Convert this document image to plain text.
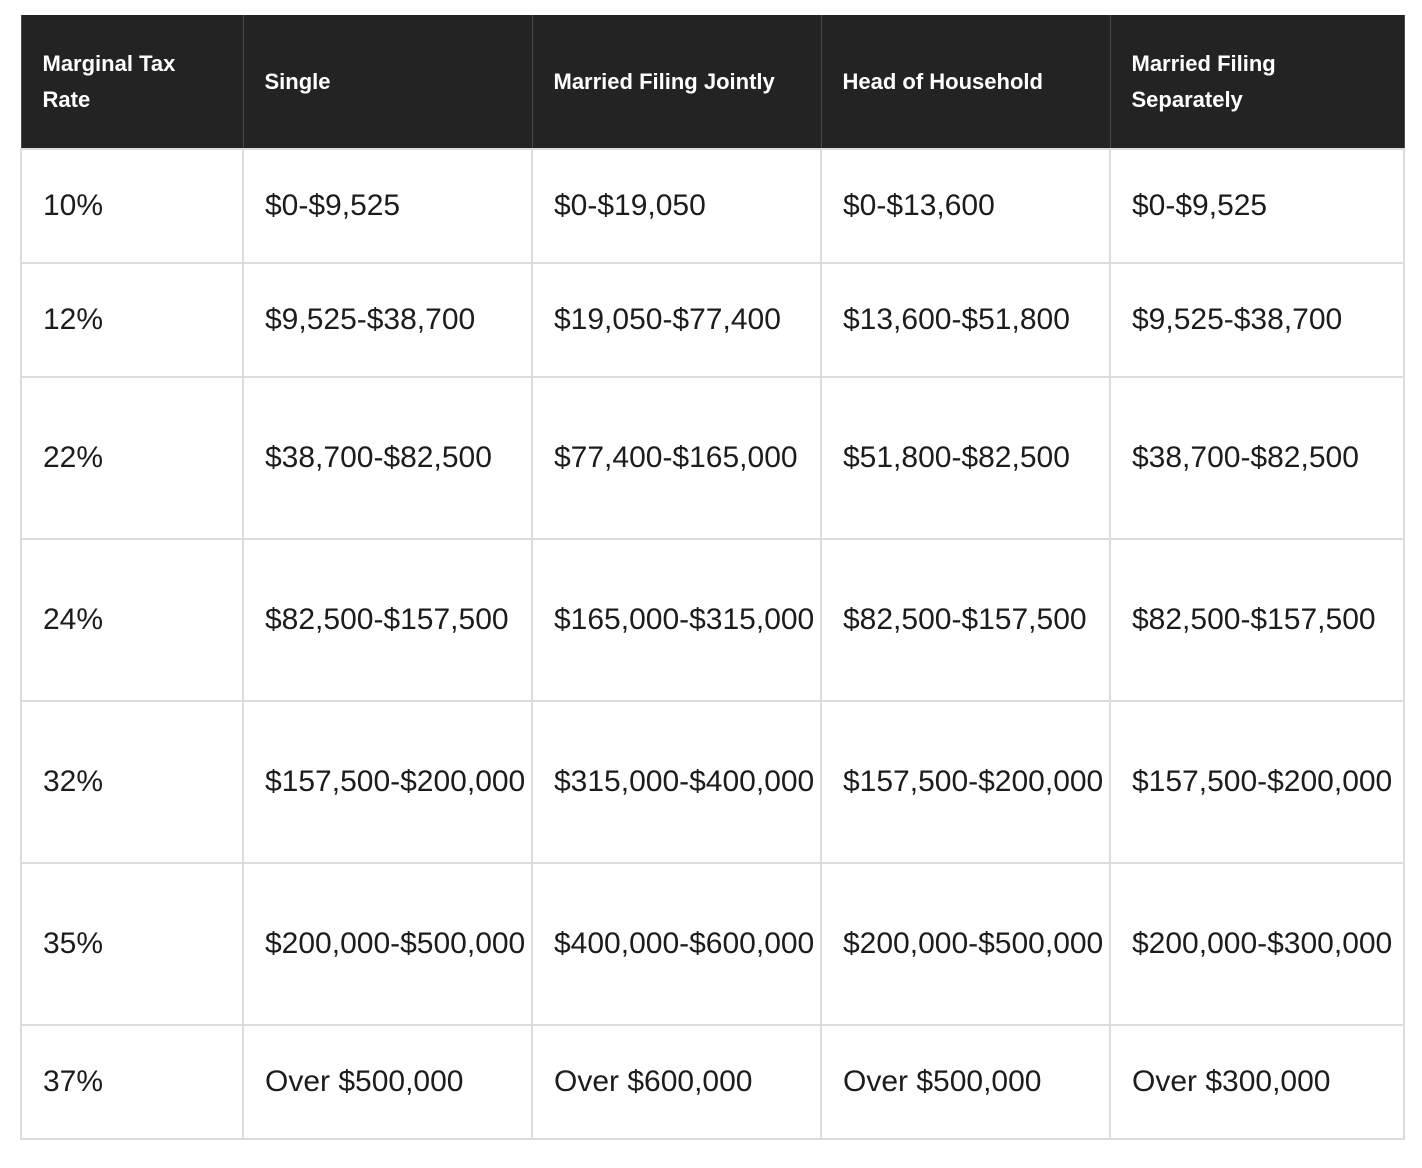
Marginal Tax Rate	Single	Married Filing Jointly	Head of Household	Married Filing Separately
10%	$0-$9,525	$0-$19,050	$0-$13,600	$0-$9,525
12%	$9,525-$38,700	$19,050-$77,400	$13,600-$51,800	$9,525-$38,700
22%	$38,700-$82,500	$77,400-$165,000	$51,800-$82,500	$38,700-$82,500
24%	$82,500-$157,500	$165,000-$315,000	$82,500-$157,500	$82,500-$157,500
32%	$157,500-$200,000	$315,000-$400,000	$157,500-$200,000	$157,500-$200,000
35%	$200,000-$500,000	$400,000-$600,000	$200,000-$500,000	$200,000-$300,000
37%	Over $500,000	Over $600,000	Over $500,000	Over $300,000
